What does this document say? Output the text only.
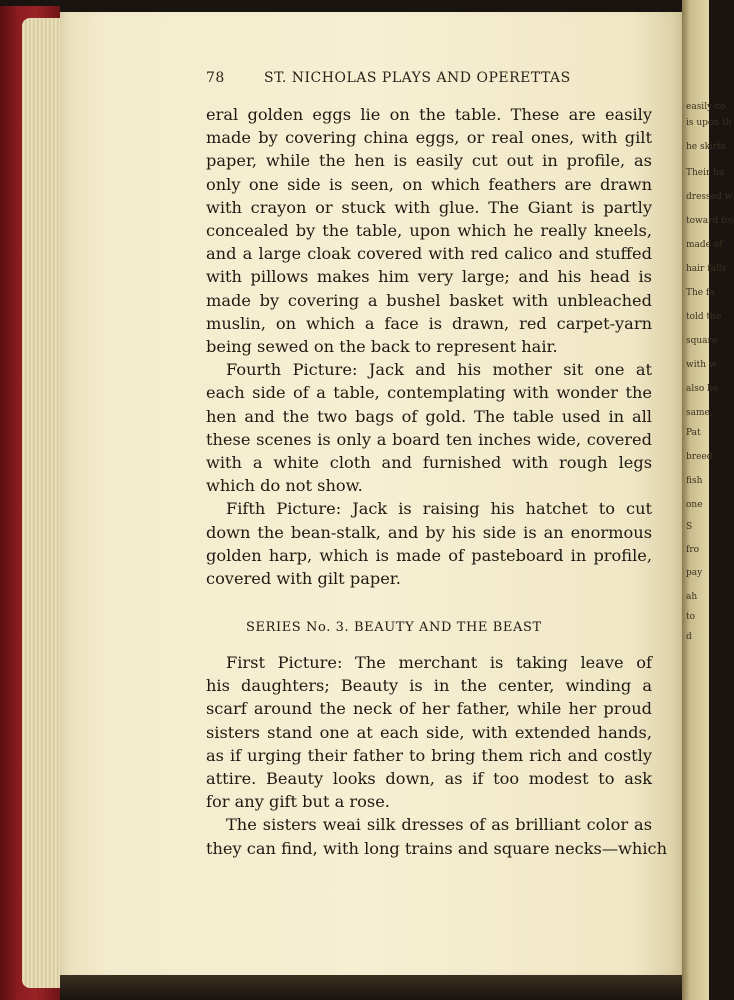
78	ST. NICHOLAS PLAYS AND OPERETTAS
eral golden eggs lie on the table. These are easily
made by covering china eggs, or real ones, with gilt
paper, while the hen is easily cut out in profile, as
only one side is seen, on which feathers are drawn
with crayon or stuck with glue. The Giant is partly
concealed by the table, upon which he really kneels,
and a large cloak covered with red calico and stuffed
with pillows makes him very large; and his head is
made by covering a bushel basket with unbleached
muslin, on which a face is drawn, red carpet-yarn
being sewed on the back to represent hair.
Fourth Picture: Jack and his mother sit one at
each side of a table, contemplating with wonder the
hen and the two bags of gold. The table used in all
these scenes is only a board ten inches wide, covered
with a white cloth and furnished with rough legs
which do not show.
Fifth Picture: Jack is raising his hatchet to cut
down the bean-stalk, and by his side is an enormous
golden harp, which is made of pasteboard in profile,
covered with gilt paper.
SERIES No. 3. BEAUTY AND THE BEAST
First Picture: The merchant is taking leave of
his daughters; Beauty is in the center, winding a
scarf around the neck of her father, while her proud
sisters stand one at each side, with extended hands,
as if urging their father to bring them rich and costly
attire. Beauty looks down, as if too modest to ask
for any gift but a rose.
The sisters weai silk dresses of as brilliant color as
they can find, with long trains and square necks—which
easily co
is upon th
he skirts
Their ha
dressed w
toward fro
made of
hair falls
The fa
told the
square
with w
also be
same,
Pat
breed
fish
one
S
fro
pay
ah
to
d
